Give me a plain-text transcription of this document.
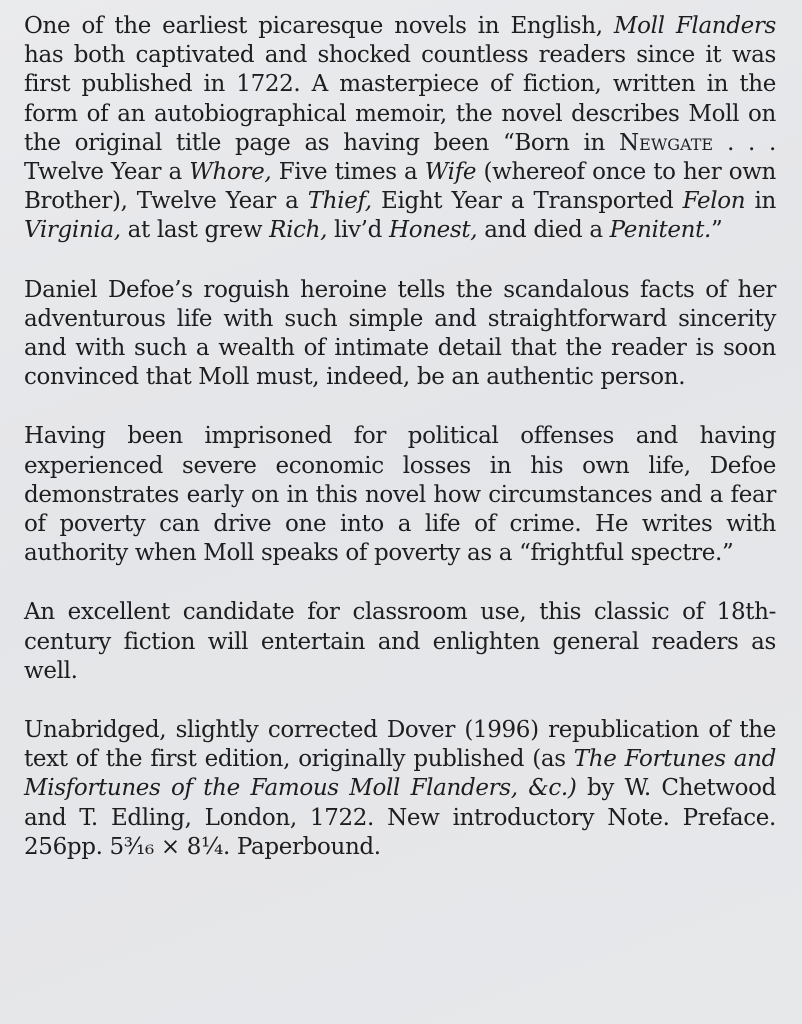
One of the earliest picaresque novels in English, Moll Flanders has both captivated and shocked countless readers since it was first published in 1722. A masterpiece of fiction, written in the form of an autobiographical memoir, the novel describes Moll on the original title page as having been “Born in Newgate . . . Twelve Year a Whore, Five times a Wife (whereof once to her own Brother), Twelve Year a Thief, Eight Year a Transported Felon in Virginia, at last grew Rich, liv’d Honest, and died a Penitent.”

Daniel Defoe’s roguish heroine tells the scandalous facts of her adventurous life with such simple and straightforward sincerity and with such a wealth of intimate detail that the reader is soon convinced that Moll must, indeed, be an authentic person.

Having been imprisoned for political offenses and having experienced severe economic losses in his own life, Defoe demonstrates early on in this novel how circumstances and a fear of poverty can drive one into a life of crime. He writes with authority when Moll speaks of poverty as a “frightful spectre.”

An excellent candidate for classroom use, this classic of 18th-century fiction will entertain and enlighten general readers as well.

Unabridged, slightly corrected Dover (1996) republication of the text of the first edition, originally published (as The Fortunes and Misfortunes of the Famous Moll Flanders, &c.) by W. Chetwood and T. Edling, London, 1722. New introductory Note. Preface. 256pp. 5³⁄₁₆ × 8¼. Paperbound.
